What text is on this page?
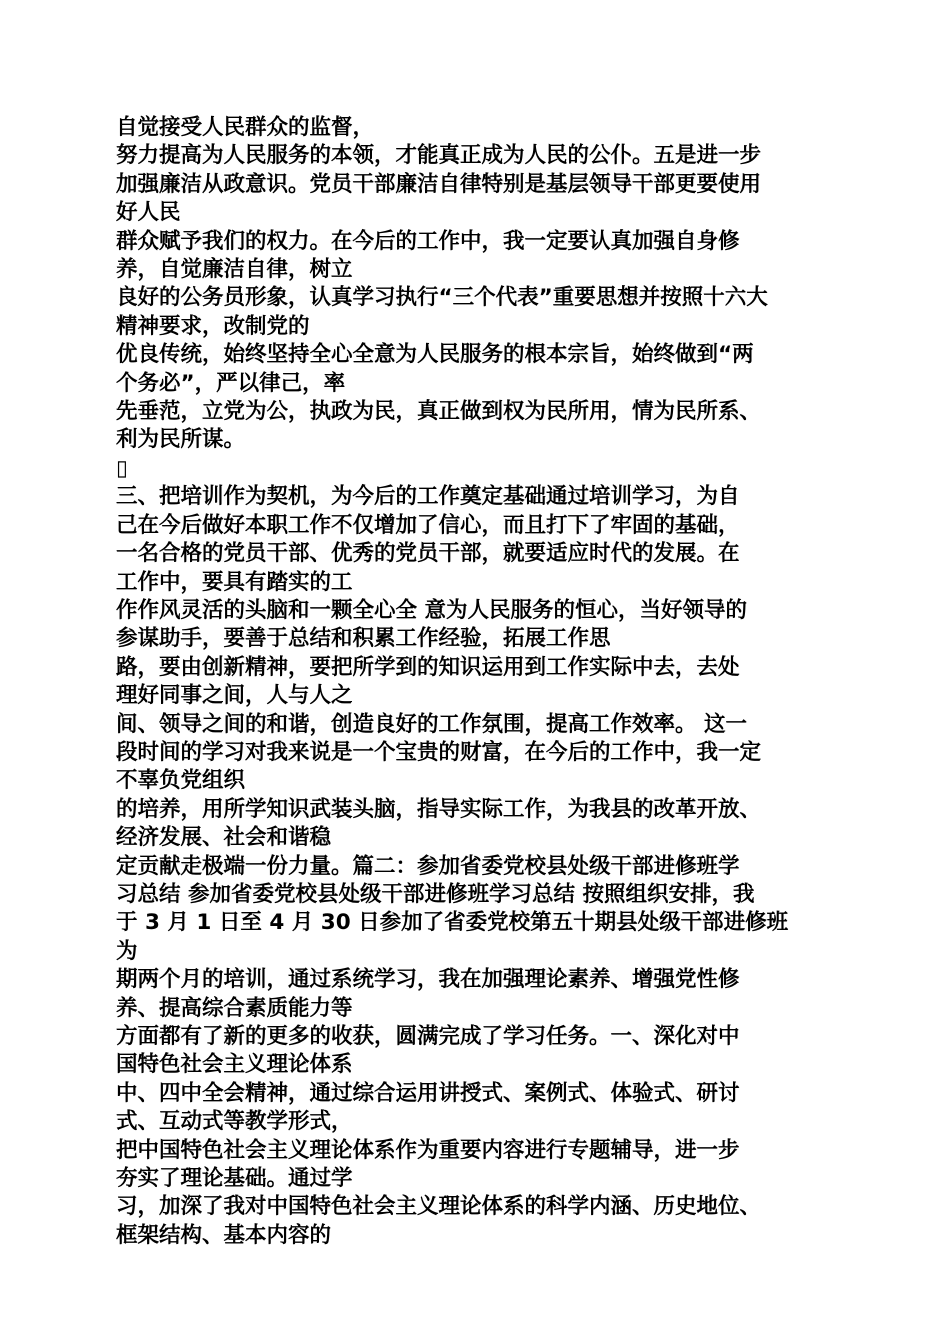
自觉接受人民群众的监督，
努力提高为人民服务的本领，才能真正成为人民的公仆。五是进一步
加强廉洁从政意识。党员干部廉洁自律特别是基层领导干部更要使用
好人民
群众赋予我们的权力。在今后的工作中，我一定要认真加强自身修
养，自觉廉洁自律，树立
良好的公务员形象，认真学习执行“三个代表”重要思想并按照十六大
精神要求，改制党的
优良传统，始终坚持全心全意为人民服务的根本宗旨，始终做到“两
个务必”，严以律己，率
先垂范，立党为公，执政为民，真正做到权为民所用，情为民所系、
利为民所谋。
▯
三、把培训作为契机，为今后的工作奠定基础通过培训学习，为自
己在今后做好本职工作不仅增加了信心，而且打下了牢固的基础，
一名合格的党员干部、优秀的党员干部，就要适应时代的发展。在
工作中，要具有踏实的工
作作风灵活的头脑和一颗全心全 意为人民服务的恒心，当好领导的
参谋助手，要善于总结和积累工作经验，拓展工作思
路，要由创新精神，要把所学到的知识运用到工作实际中去，去处
理好同事之间，人与人之
间、领导之间的和谐，创造良好的工作氛围，提高工作效率。 这一
段时间的学习对我来说是一个宝贵的财富，在今后的工作中，我一定
不辜负党组织
的培养，用所学知识武装头脑，指导实际工作，为我县的改革开放、
经济发展、社会和谐稳
定贡献走极端一份力量。篇二：参加省委党校县处级干部进修班学
习总结 参加省委党校县处级干部进修班学习总结 按照组织安排，我
于 3 月 1 日至 4 月 30 日参加了省委党校第五十期县处级干部进修班
为
期两个月的培训，通过系统学习，我在加强理论素养、增强党性修
养、提高综合素质能力等
方面都有了新的更多的收获，圆满完成了学习任务。一、深化对中
国特色社会主义理论体系
中、四中全会精神，通过综合运用讲授式、案例式、体验式、研讨
式、互动式等教学形式，
把中国特色社会主义理论体系作为重要内容进行专题辅导，进一步
夯实了理论基础。通过学
习，加深了我对中国特色社会主义理论体系的科学内涵、历史地位、
框架结构、基本内容的
